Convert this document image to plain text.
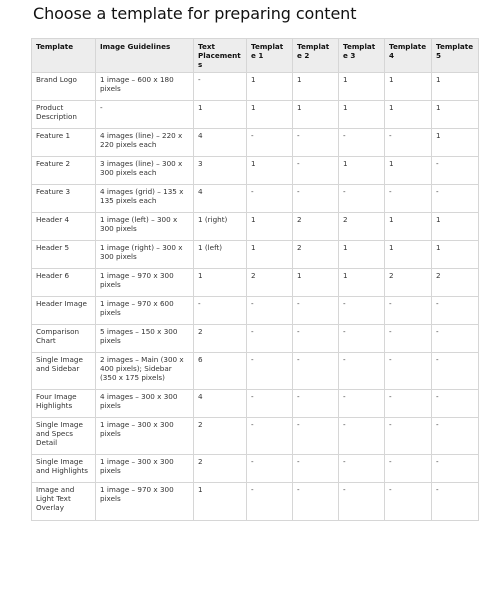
Choose a template for preparing content
Template	Image Guidelines	Text Placements	Template 1	Template 2	Template 3	Template 4	Template 5
Brand Logo	1 image – 600 x 180 pixels	-	1	1	1	1	1
Product Description	-	1	1	1	1	1	1
Feature 1	4 images (line) – 220 x 220 pixels each	4	-	-	-	-	1
Feature 2	3 images (line) – 300 x 300 pixels each	3	1	-	1	1	-
Feature 3	4 images (grid) – 135 x 135 pixels each	4	-	-	-	-	-
Header 4	1 image (left) – 300 x 300 pixels	1 (right)	1	2	2	1	1
Header 5	1 image (right) – 300 x 300 pixels	1 (left)	1	2	1	1	1
Header 6	1 image – 970 x 300 pixels	1	2	1	1	2	2
Header Image	1 image – 970 x 600 pixels	-	-	-	-	-	-
Comparison Chart	5 images – 150 x 300 pixels	2	-	-	-	-	-
Single Image and Sidebar	2 images – Main (300 x 400 pixels); Sidebar (350 x 175 pixels)	6	-	-	-	-	-
Four Image Highlights	4 images – 300 x 300 pixels	4	-	-	-	-	-
Single Image and Specs Detail	1 image – 300 x 300 pixels	2	-	-	-	-	-
Single Image and Highlights	1 image – 300 x 300 pixels	2	-	-	-	-	-
Image and Light Text Overlay	1 image – 970 x 300 pixels	1	-	-	-	-	-
